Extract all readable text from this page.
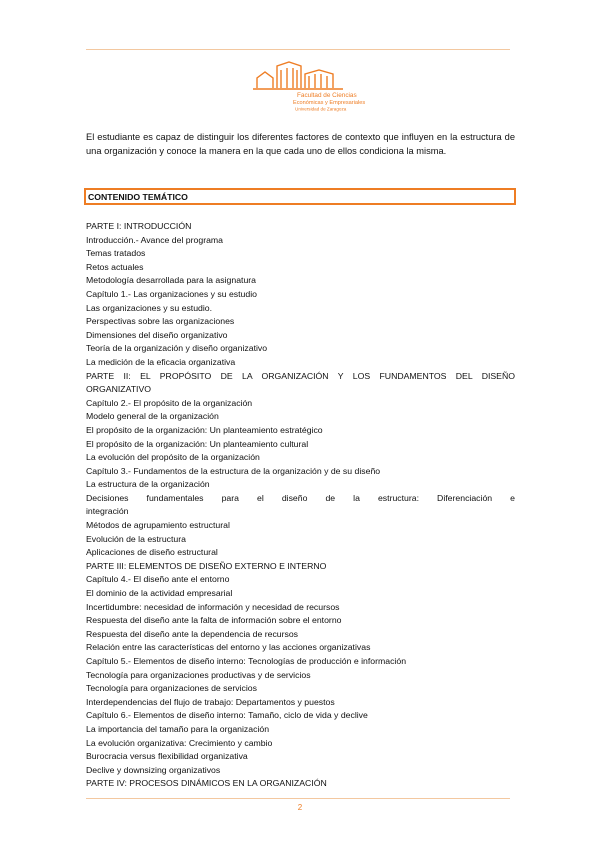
Facultad de Ciencias
Económicas y Empresariales
Universidad de Zaragoza

El estudiante es capaz de distinguir los diferentes factores de contexto que influyen en la estructura de una organización y conoce la manera en la que cada uno de ellos condiciona la misma.

CONTENIDO TEMÁTICO
PARTE I: INTRODUCCIÓN
Introducción.- Avance del programa
Temas tratados
Retos actuales
Metodología desarrollada para la asignatura
Capítulo 1.- Las organizaciones y su estudio
Las organizaciones y su estudio.
Perspectivas sobre las organizaciones
Dimensiones del diseño organizativo
Teoría de la organización y diseño organizativo
La medición de la eficacia organizativa
PARTE II: EL PROPÓSITO DE LA ORGANIZACIÓN Y LOS FUNDAMENTOS DEL DISEÑO
ORGANIZATIVO
Capítulo 2.- El propósito de la organización
Modelo general de la organización
El propósito de la organización: Un planteamiento estratégico
El propósito de la organización: Un planteamiento cultural
La evolución del propósito de la organización
Capítulo 3.- Fundamentos de la estructura de la organización y de su diseño
La estructura de la organización
Decisiones fundamentales para el diseño de la estructura: Diferenciación e
integración
Métodos de agrupamiento estructural
Evolución de la estructura
Aplicaciones de diseño estructural
PARTE III: ELEMENTOS DE DISEÑO EXTERNO E INTERNO
Capítulo 4.- El diseño ante el entorno
El dominio de la actividad empresarial
Incertidumbre: necesidad de información y necesidad de recursos
Respuesta del diseño ante la falta de información sobre el entorno
Respuesta del diseño ante la dependencia de recursos
Relación entre las características del entorno y las acciones organizativas
Capítulo 5.- Elementos de diseño interno: Tecnologías de producción e información
Tecnología para organizaciones productivas y de servicios
Tecnología para organizaciones de servicios
Interdependencias del flujo de trabajo: Departamentos y puestos
Capítulo 6.- Elementos de diseño interno: Tamaño, ciclo de vida y declive
La importancia del tamaño para la organización
La evolución organizativa: Crecimiento y cambio
Burocracia versus flexibilidad organizativa
Declive y downsizing organizativos
PARTE IV: PROCESOS DINÁMICOS EN LA ORGANIZACIÓN
2
